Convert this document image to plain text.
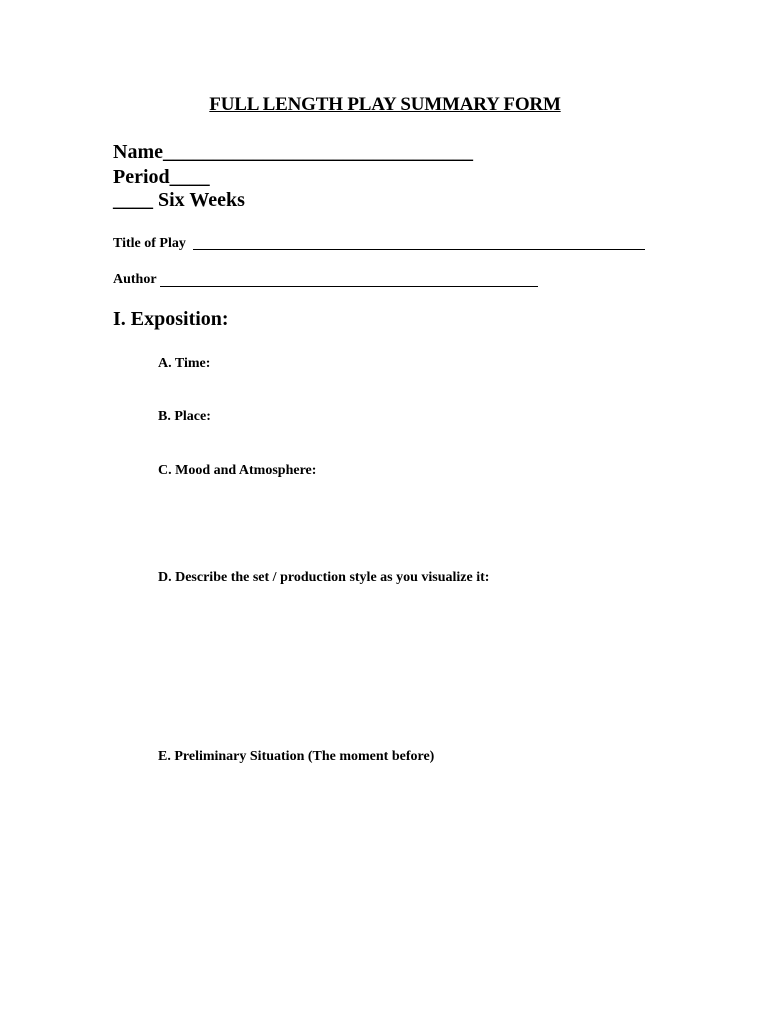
FULL LENGTH PLAY SUMMARY FORM
Name_______________________________
Period____
____ Six Weeks
Title of Play
Author
I. Exposition:
A. Time:
B. Place:
C. Mood and Atmosphere:
D. Describe the set / production style as you visualize it:
E. Preliminary Situation (The moment before)
